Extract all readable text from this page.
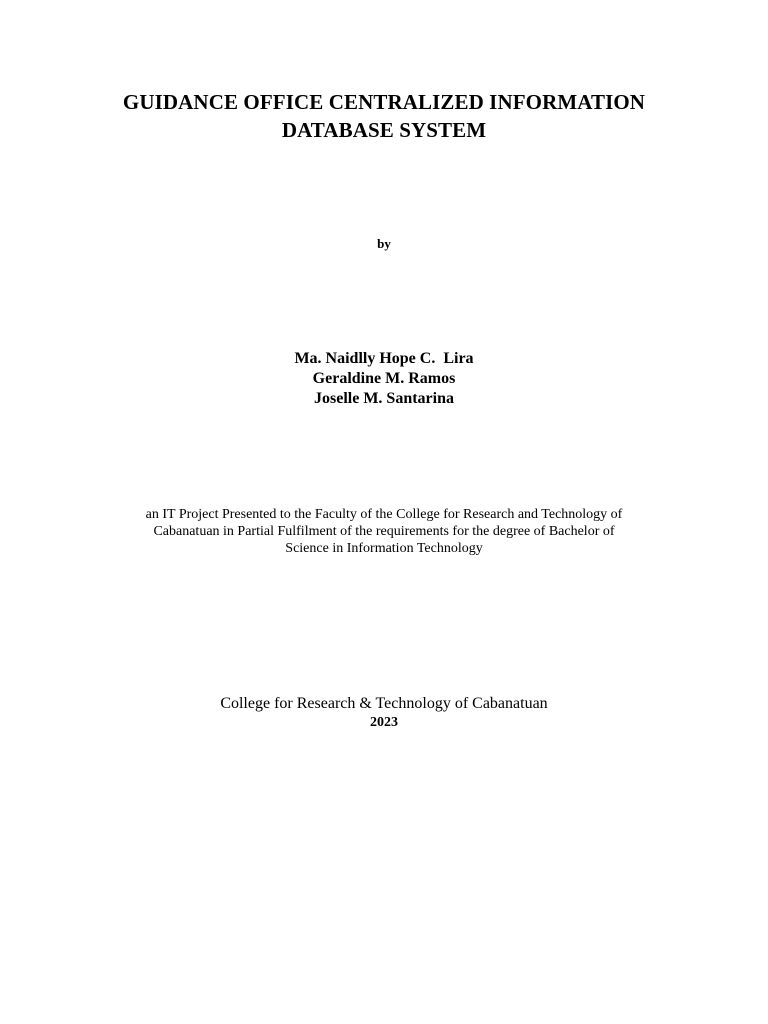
GUIDANCE OFFICE CENTRALIZED INFORMATION
DATABASE SYSTEM
by
Ma. Naidlly Hope C.  Lira
Geraldine M. Ramos
Joselle M. Santarina
an IT Project Presented to the Faculty of the College for Research and Technology of
Cabanatuan in Partial Fulfilment of the requirements for the degree of Bachelor of
Science in Information Technology
College for Research & Technology of Cabanatuan
2023
